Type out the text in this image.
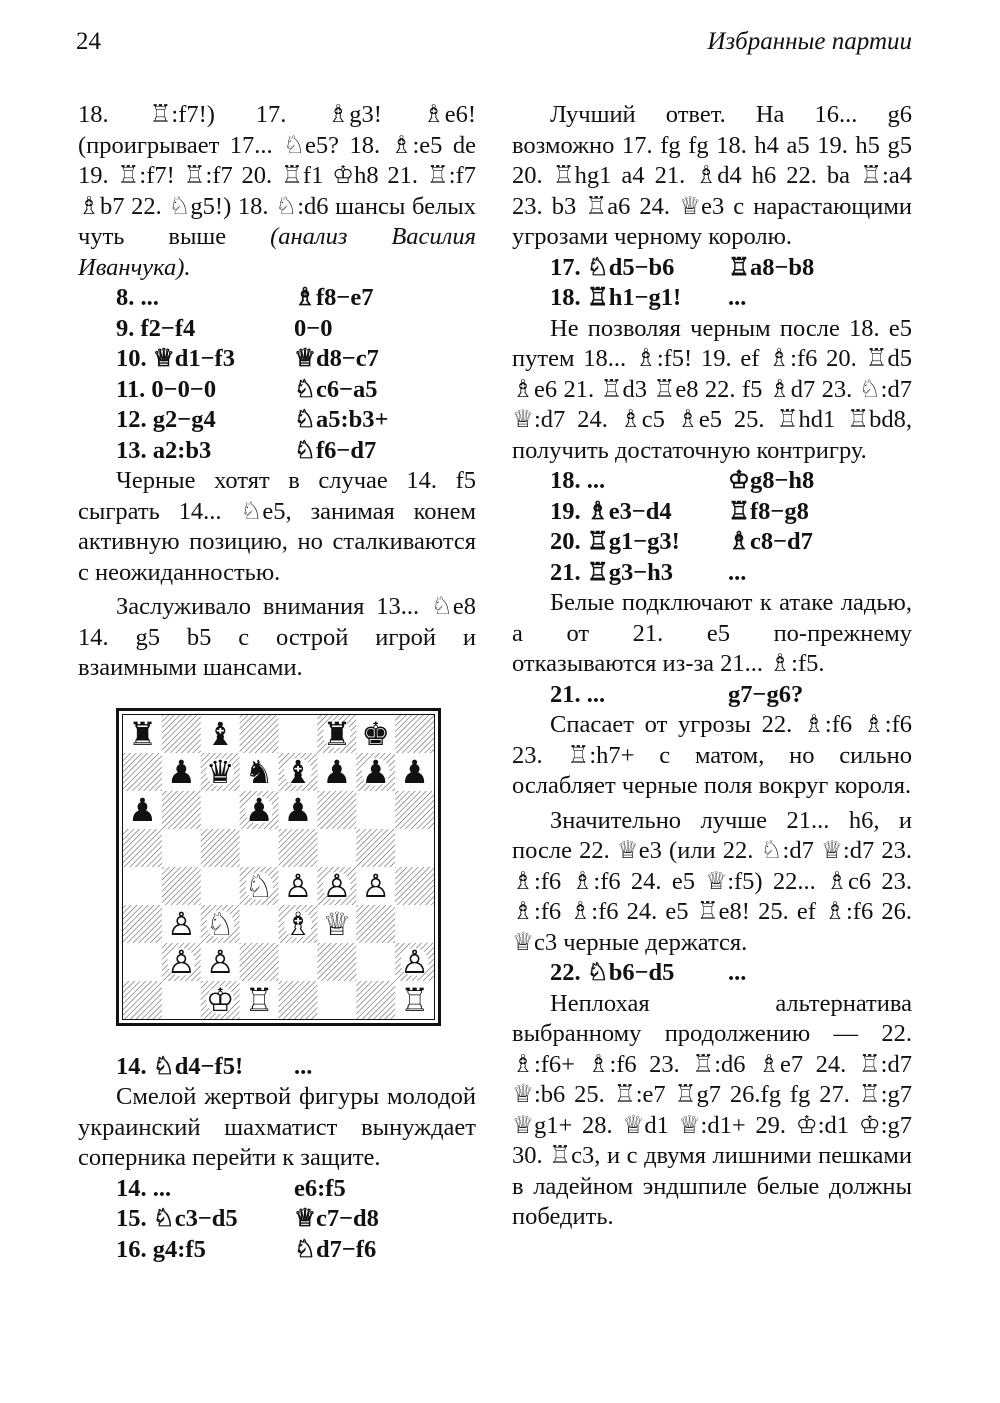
24	Избранные партии

18. ♖:f7!) 17. ♗g3! ♗e6! (проигрывает 17... ♘e5? 18. ♗:e5 de 19. ♖:f7! ♖:f7 20. ♖f1 ♔h8 21. ♖:f7 ♗b7 22. ♘g5!) 18. ♘:d6 шансы белых чуть выше (анализ Василия Иванчука).

8. ...	♗f8−e7
9. f2−f4	0−0
10. ♕d1−f3	♕d8−c7
11. 0−0−0	♘c6−a5
12. g2−g4	♘a5:b3+
13. a2:b3	♘f6−d7

Черные хотят в случае 14. f5 сыграть 14... ♘e5, занимая конем активную позицию, но сталкиваются с неожиданностью.

Заслуживало внимания 13... ♘e8 14. g5 b5 с острой игрой и взаимными шансами.

♜ ♝	♜ ♚
♟ ♛ ♞ ♝ ♟ ♟ ♟
♟	♟ ♟
♘ ♙ ♙ ♙
♙ ♘ ♗ ♕
♙ ♙	♙
♔ ♖	♖
14. ♘d4−f5!	...

Смелой жертвой фигуры молодой украинский шахматист вынуждает соперника перейти к защите.

14. ...	e6:f5
15. ♘c3−d5	♕c7−d8
16. g4:f5	♘d7−f6

Лучший ответ. На 16... g6 возможно 17. fg fg 18. h4 a5 19. h5 g5 20. ♖hg1 a4 21. ♗d4 h6 22. ba ♖:a4 23. b3 ♖a6 24. ♕e3 с нарастающими угрозами черному королю.

17. ♘d5−b6	♖a8−b8
18. ♖h1−g1!	...

Не позволяя черным после 18. e5 путем 18... ♗:f5! 19. ef ♗:f6 20. ♖d5 ♗e6 21. ♖d3 ♖e8 22. f5 ♗d7 23. ♘:d7 ♕:d7 24. ♗c5 ♗e5 25. ♖hd1 ♖bd8, получить достаточную контригру.

18. ...	♔g8−h8
19. ♗e3−d4	♖f8−g8
20. ♖g1−g3!	♗c8−d7
21. ♖g3−h3	...

Белые подключают к атаке ладью, а от 21. e5 по-прежнему отказываются из-за 21... ♗:f5.

21. ...	g7−g6?

Спасает от угрозы 22. ♗:f6 ♗:f6 23. ♖:h7+ с матом, но сильно ослабляет черные поля вокруг короля.

Значительно лучше 21... h6, и после 22. ♕e3 (или 22. ♘:d7 ♕:d7 23. ♗:f6 ♗:f6 24. e5 ♕:f5) 22... ♗c6 23. ♗:f6 ♗:f6 24. e5 ♖e8! 25. ef ♗:f6 26. ♕c3 черные держатся.

22. ♘b6−d5	...

Неплохая альтернатива выбранному продолжению — 22. ♗:f6+ ♗:f6 23. ♖:d6 ♗e7 24. ♖:d7 ♕:b6 25. ♖:e7 ♖g7 26.fg fg 27. ♖:g7 ♕g1+ 28. ♕d1 ♕:d1+ 29. ♔:d1 ♔:g7 30. ♖c3, и с двумя лишними пешками в ладейном эндшпиле белые должны победить.
